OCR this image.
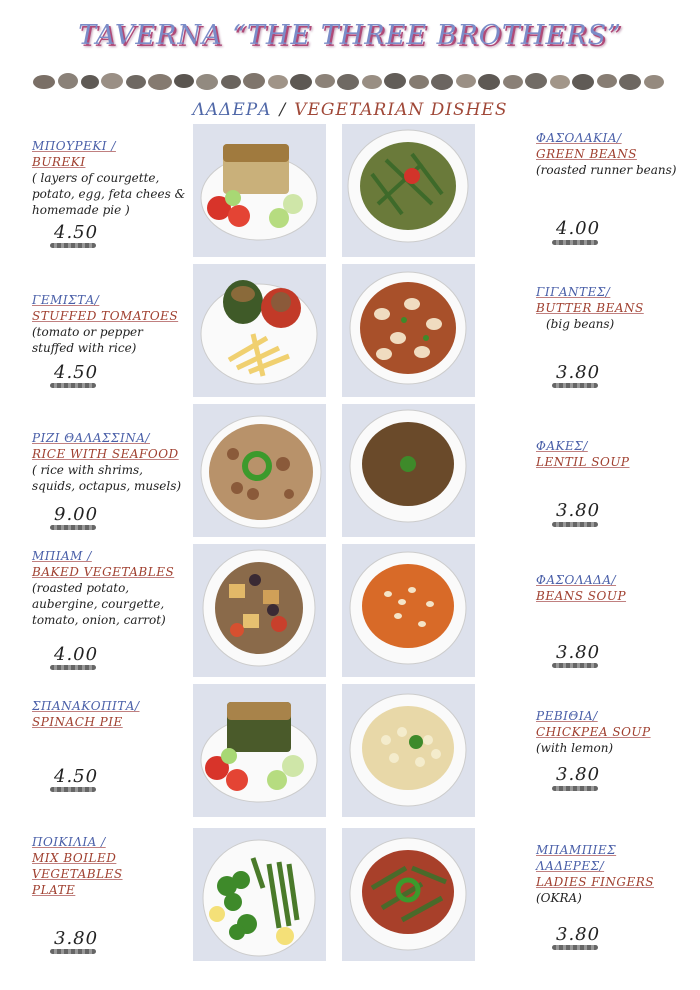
TAVERNA “THE THREE BROTHERS”
ΛΑΔΕΡΑ / VEGETARIAN DISHES
ΜΠΟΥΡΕΚΙ /
BUREKI
( layers of courgette, potato, egg, feta chees & homemade pie )
4.50
ΓΕΜΙΣΤΑ/
STUFFED TOMATOES
(tomato or pepper stuffed with rice)
4.50
ΡΙΖΙ ΘΑΛΑΣΣΙΝΑ/
RICE WITH SEAFOOD
( rice with shrims, squids, octapus, musels)
9.00
ΜΠΙΑΜ /
BAKED VEGETABLES
(roasted potato, aubergine, courgette, tomato, onion, carrot)
4.00
ΣΠΑΝΑΚΟΠΙΤΑ/
SPINACH PIE
4.50
ΠΟΙΚΙΛΙΑ /
MIX BOILED VEGETABLES PLATE
3.80
ΦΑΣΟΛΑΚΙΑ/
GREEN BEANS
(roasted runner beans)
4.00
ΓΙΓΑΝΤΕΣ/
BUTTER BEANS
(big beans)
3.80
ΦΑΚΕΣ/
LENTIL SOUP
3.80
ΦΑΣΟΛΑΔΑ/
BEANS SOUP
3.80
ΡΕΒΙΘΙΑ/
CHICKPEA SOUP
(with lemon)
3.80
ΜΠΑΜΠΙΕΣ ΛΑΔΕΡΕΣ/
LADIES FINGERS
(OKRA)
3.80
